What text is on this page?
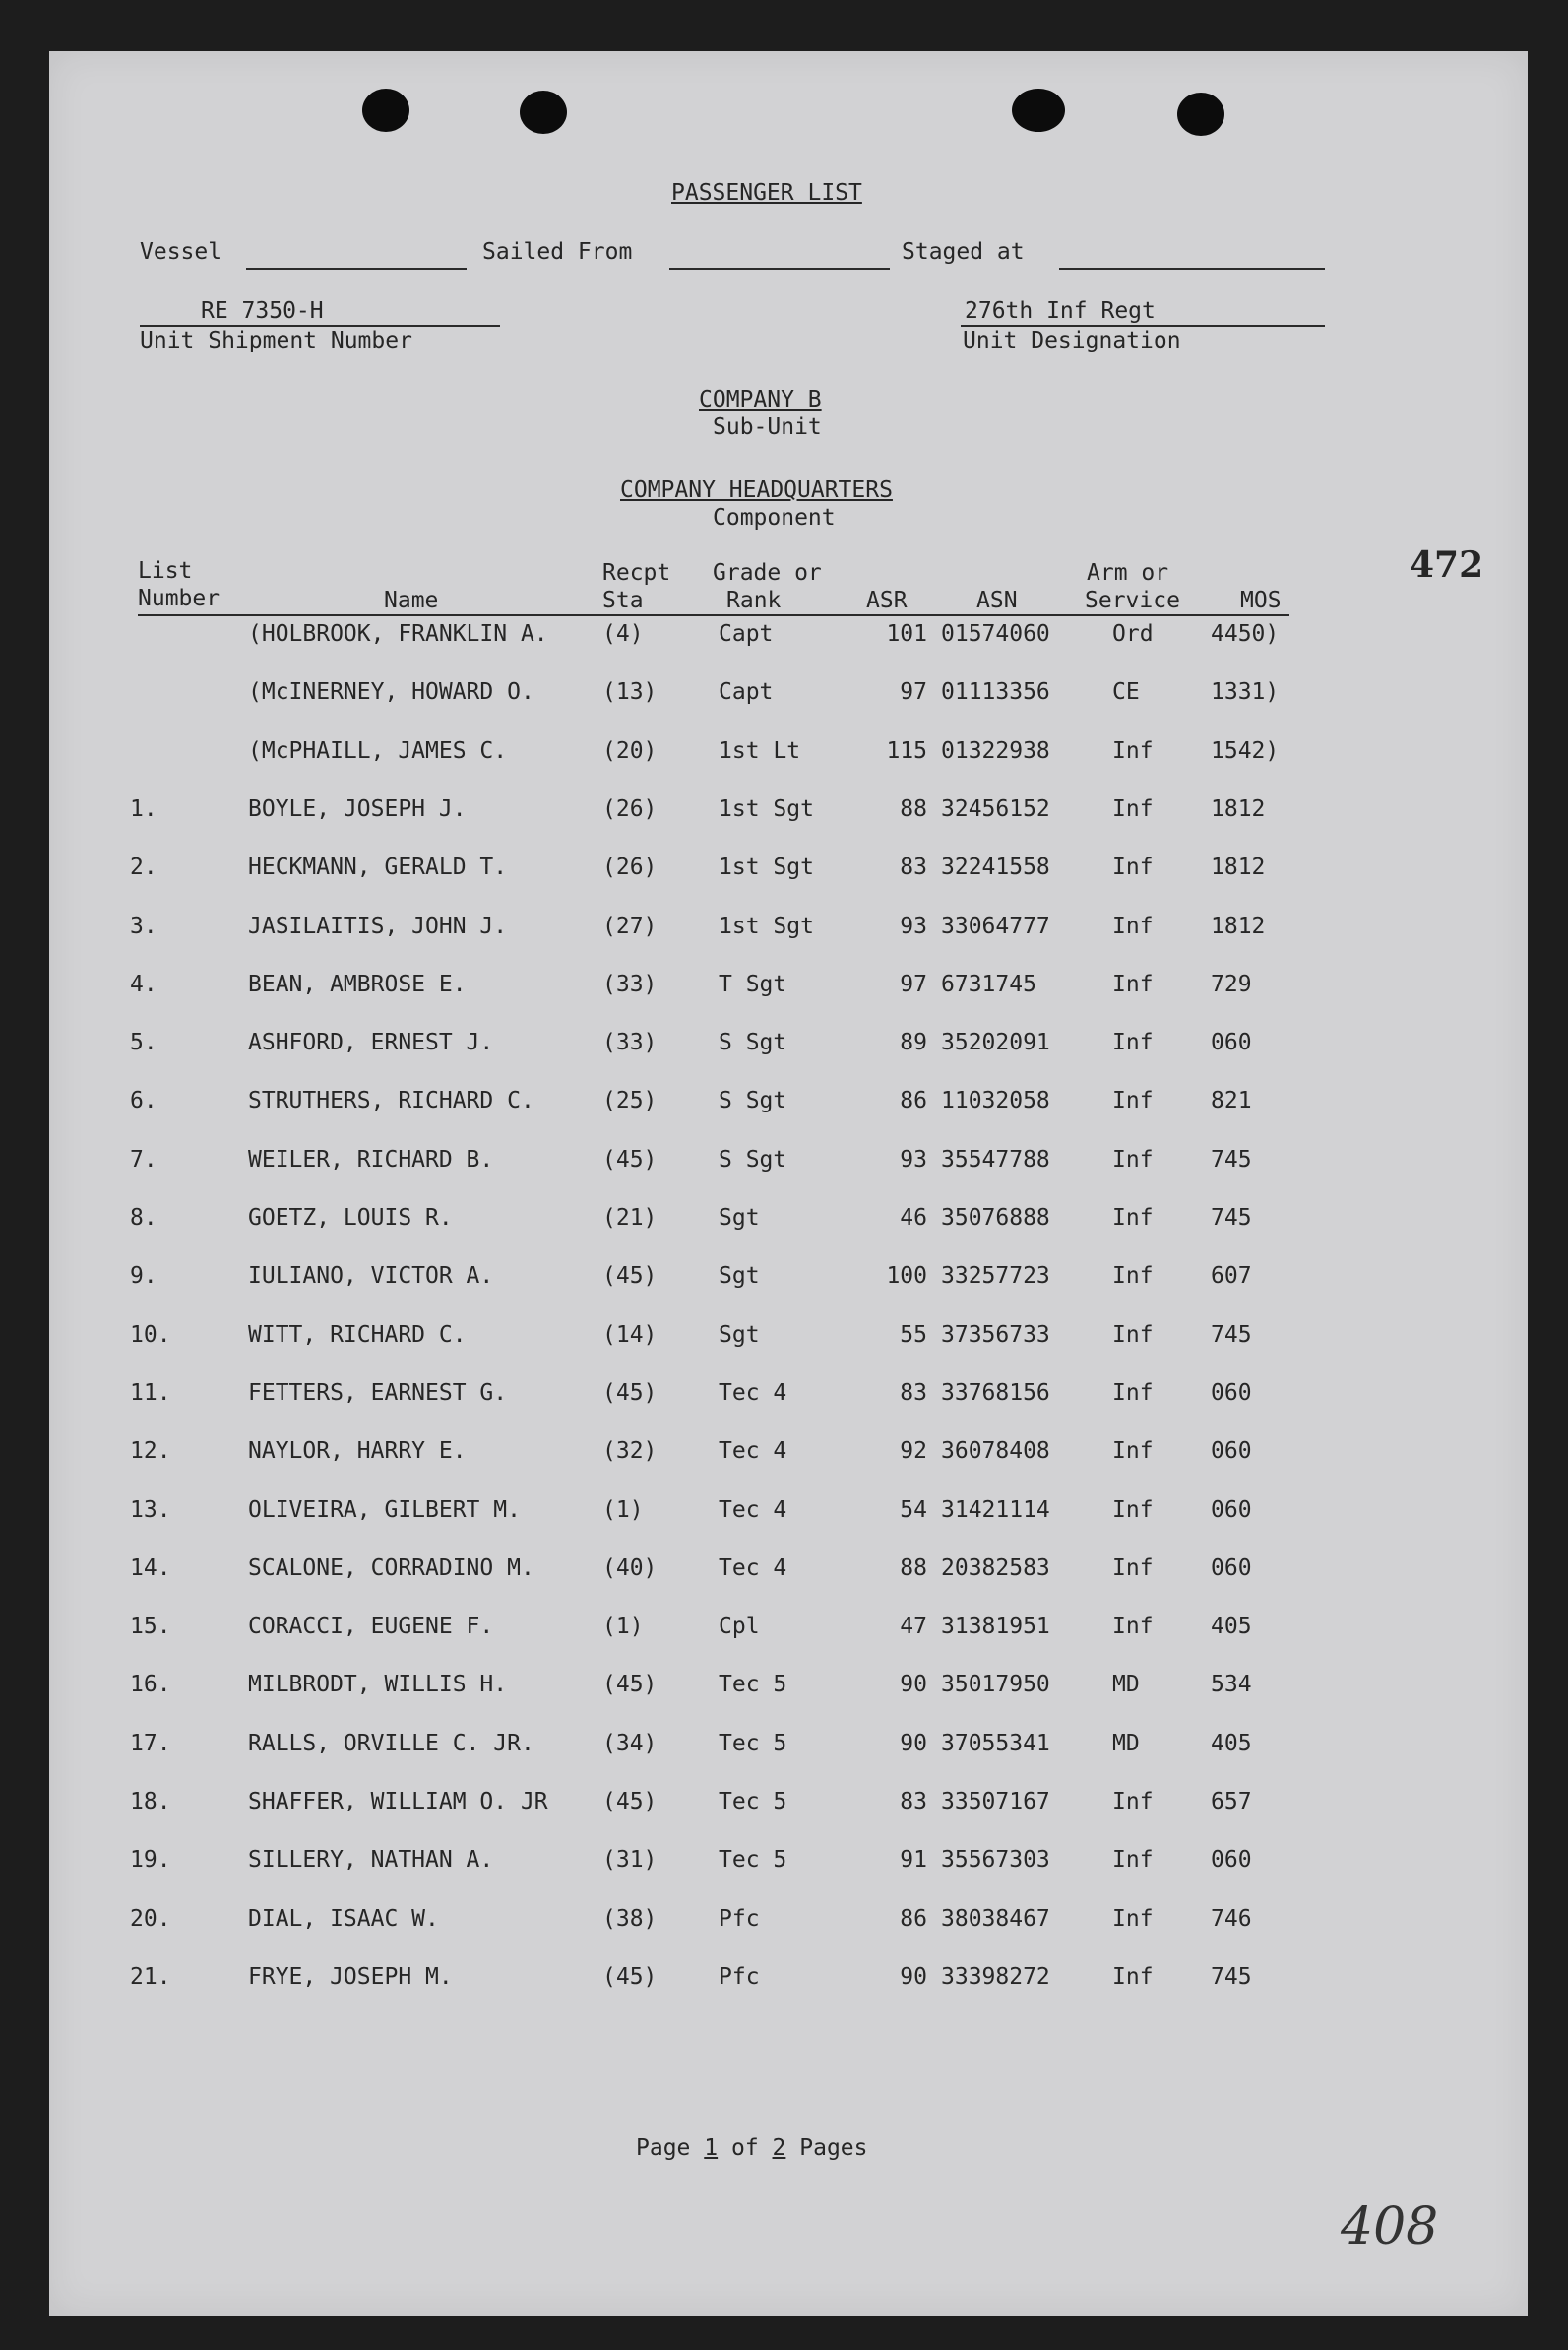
PASSENGER LIST
Vessel	Sailed From	Staged at
RE 7350-H
Unit Shipment Number
276th Inf Regt
Unit Designation
COMPANY B
Sub-Unit
COMPANY HEADQUARTERS
Component
472
List
Number	Name
Recpt
Sta
Grade or
Rank	ASR	ASN
Arm or
Service	MOS
(HOLBROOK, FRANKLIN A. (4)	Capt	101 01574060	Ord	4450)
(McINERNEY, HOWARD O.	(13)	Capt	97 01113356	CE	1331)
(McPHAILL, JAMES C.	(20)	1st Lt	115 01322938	Inf	1542)
1.	BOYLE, JOSEPH J.	(26)	1st Sgt	88 32456152	Inf	1812
2.	HECKMANN, GERALD T.	(26)	1st Sgt	83 32241558	Inf	1812
3.	JASILAITIS, JOHN J.	(27)	1st Sgt	93 33064777	Inf	1812
4.	BEAN, AMBROSE E.	(33)	T Sgt	97 6731745	Inf	729
5.	ASHFORD, ERNEST J.	(33)	S Sgt	89 35202091	Inf	060
6.	STRUTHERS, RICHARD C.	(25)	S Sgt	86 11032058	Inf	821
7.	WEILER, RICHARD B.	(45)	S Sgt	93 35547788	Inf	745
8.	GOETZ, LOUIS R.	(21)	Sgt	46 35076888	Inf	745
9.	IULIANO, VICTOR A.	(45)	Sgt	100 33257723	Inf	607
10.	WITT, RICHARD C.	(14)	Sgt	55 37356733	Inf	745
11.	FETTERS, EARNEST G.	(45)	Tec 4	83 33768156	Inf	060
12.	NAYLOR, HARRY E.	(32)	Tec 4	92 36078408	Inf	060
13.	OLIVEIRA, GILBERT M.	(1)	Tec 4	54 31421114	Inf	060
14.	SCALONE, CORRADINO M.	(40)	Tec 4	88 20382583	Inf	060
15.	CORACCI, EUGENE F.	(1)	Cpl	47 31381951	Inf	405
16.	MILBRODT, WILLIS H.	(45)	Tec 5	90 35017950	MD	534
17.	RALLS, ORVILLE C. JR.	(34)	Tec 5	90 37055341	MD	405
18.	SHAFFER, WILLIAM O. JR (45)	Tec 5	83 33507167	Inf	657
19.	SILLERY, NATHAN A.	(31)	Tec 5	91 35567303	Inf	060
20.	DIAL, ISAAC W.	(38)	Pfc	86 38038467	Inf	746
21.	FRYE, JOSEPH M.	(45)	Pfc	90 33398272	Inf	745
Page 1 of 2 Pages
408
